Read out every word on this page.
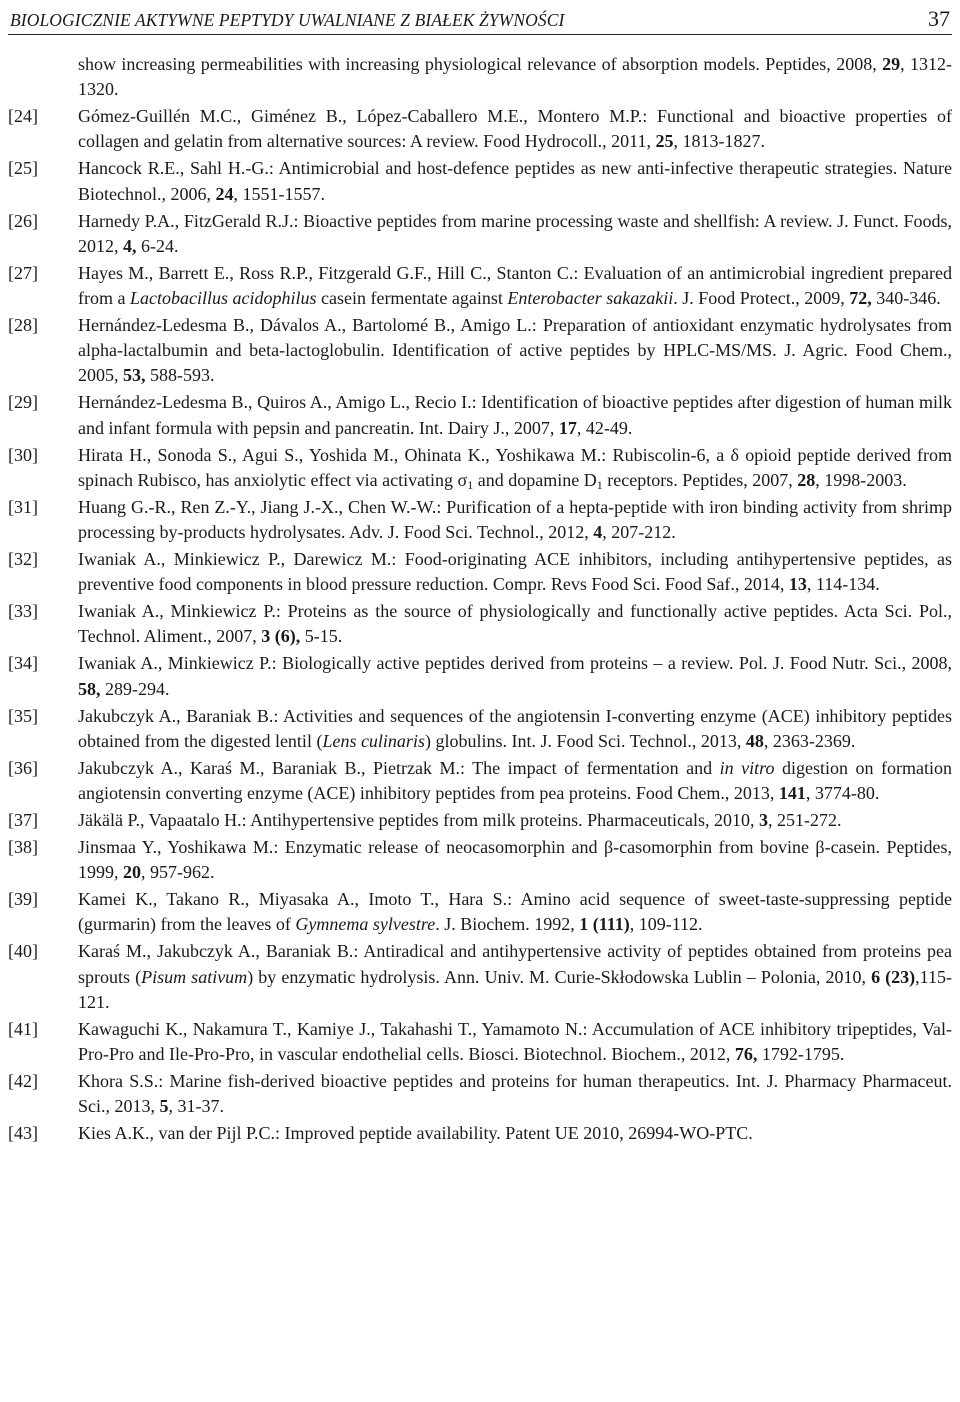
BIOLOGICZNIE AKTYWNE PEPTYDY UWALNIANE Z BIAŁEK ŻYWNOŚCI	37
show increasing permeabilities with increasing physiological relevance of absorption models. Peptides, 2008, 29, 1312-1320.
[24]	Gómez-Guillén M.C., Giménez B., López-Caballero M.E., Montero M.P.: Functional and bioactive properties of collagen and gelatin from alternative sources: A review. Food Hydrocoll., 2011, 25, 1813-1827.
[25]	Hancock R.E., Sahl H.-G.: Antimicrobial and host-defence peptides as new anti-infective therapeutic strategies. Nature Biotechnol., 2006, 24, 1551-1557.
[26]	Harnedy P.A., FitzGerald R.J.: Bioactive peptides from marine processing waste and shellfish: A review. J. Funct. Foods, 2012, 4, 6-24.
[27]	Hayes M., Barrett E., Ross R.P., Fitzgerald G.F., Hill C., Stanton C.: Evaluation of an antimicrobial ingredient prepared from a Lactobacillus acidophilus casein fermentate against Enterobacter sakazakii. J. Food Protect., 2009, 72, 340-346.
[28]	Hernández-Ledesma B., Dávalos A., Bartolomé B., Amigo L.: Preparation of antioxidant enzymatic hydrolysates from alpha-lactalbumin and beta-lactoglobulin. Identification of active peptides by HPLC-MS/MS. J. Agric. Food Chem., 2005, 53, 588-593.
[29]	Hernández-Ledesma B., Quiros A., Amigo L., Recio I.: Identification of bioactive peptides after digestion of human milk and infant formula with pepsin and pancreatin. Int. Dairy J., 2007, 17, 42-49.
[30]	Hirata H., Sonoda S., Agui S., Yoshida M., Ohinata K., Yoshikawa M.: Rubiscolin-6, a δ opioid peptide derived from spinach Rubisco, has anxiolytic effect via activating $\sigma_1$ and dopamine $D_1$ receptors. Peptides, 2007, 28, 1998-2003.
[31]	Huang G.-R., Ren Z.-Y., Jiang J.-X., Chen W.-W.: Purification of a hepta-peptide with iron binding activity from shrimp processing by-products hydrolysates. Adv. J. Food Sci. Technol., 2012, 4, 207-212.
[32]	Iwaniak A., Minkiewicz P., Darewicz M.: Food-originating ACE inhibitors, including antihypertensive peptides, as preventive food components in blood pressure reduction. Compr. Revs Food Sci. Food Saf., 2014, 13, 114-134.
[33]	Iwaniak A., Minkiewicz P.: Proteins as the source of physiologically and functionally active peptides. Acta Sci. Pol., Technol. Aliment., 2007, 3 (6), 5-15.
[34]	Iwaniak A., Minkiewicz P.: Biologically active peptides derived from proteins – a review. Pol. J. Food Nutr. Sci., 2008, 58, 289-294.
[35]	Jakubczyk A., Baraniak B.: Activities and sequences of the angiotensin I-converting enzyme (ACE) inhibitory peptides obtained from the digested lentil (Lens culinaris) globulins. Int. J. Food Sci. Technol., 2013, 48, 2363-2369.
[36]	Jakubczyk A., Karaś M., Baraniak B., Pietrzak M.: The impact of fermentation and in vitro digestion on formation angiotensin converting enzyme (ACE) inhibitory peptides from pea proteins. Food Chem., 2013, 141, 3774-80.
[37]	Jäkälä P., Vapaatalo H.: Antihypertensive peptides from milk proteins. Pharmaceuticals, 2010, 3, 251-272.
[38]	Jinsmaa Y., Yoshikawa M.: Enzymatic release of neocasomorphin and β-casomorphin from bovine β-casein. Peptides, 1999, 20, 957-962.
[39]	Kamei K., Takano R., Miyasaka A., Imoto T., Hara S.: Amino acid sequence of sweet-taste-suppressing peptide (gurmarin) from the leaves of Gymnema sylvestre. J. Biochem. 1992, 1 (111), 109-112.
[40]	Karaś M., Jakubczyk A., Baraniak B.: Antiradical and antihypertensive activity of peptides obtained from proteins pea sprouts (Pisum sativum) by enzymatic hydrolysis. Ann. Univ. M. Curie-Skłodowska Lublin – Polonia, 2010, 6 (23),115-121.
[41]	Kawaguchi K., Nakamura T., Kamiye J., Takahashi T., Yamamoto N.: Accumulation of ACE inhibitory tripeptides, Val-Pro-Pro and Ile-Pro-Pro, in vascular endothelial cells. Biosci. Biotechnol. Biochem., 2012, 76, 1792-1795.
[42]	Khora S.S.: Marine fish-derived bioactive peptides and proteins for human therapeutics. Int. J. Pharmacy Pharmaceut. Sci., 2013, 5, 31-37.
[43]	Kies A.K., van der Pijl P.C.: Improved peptide availability. Patent UE 2010, 26994-WO-PTC.
